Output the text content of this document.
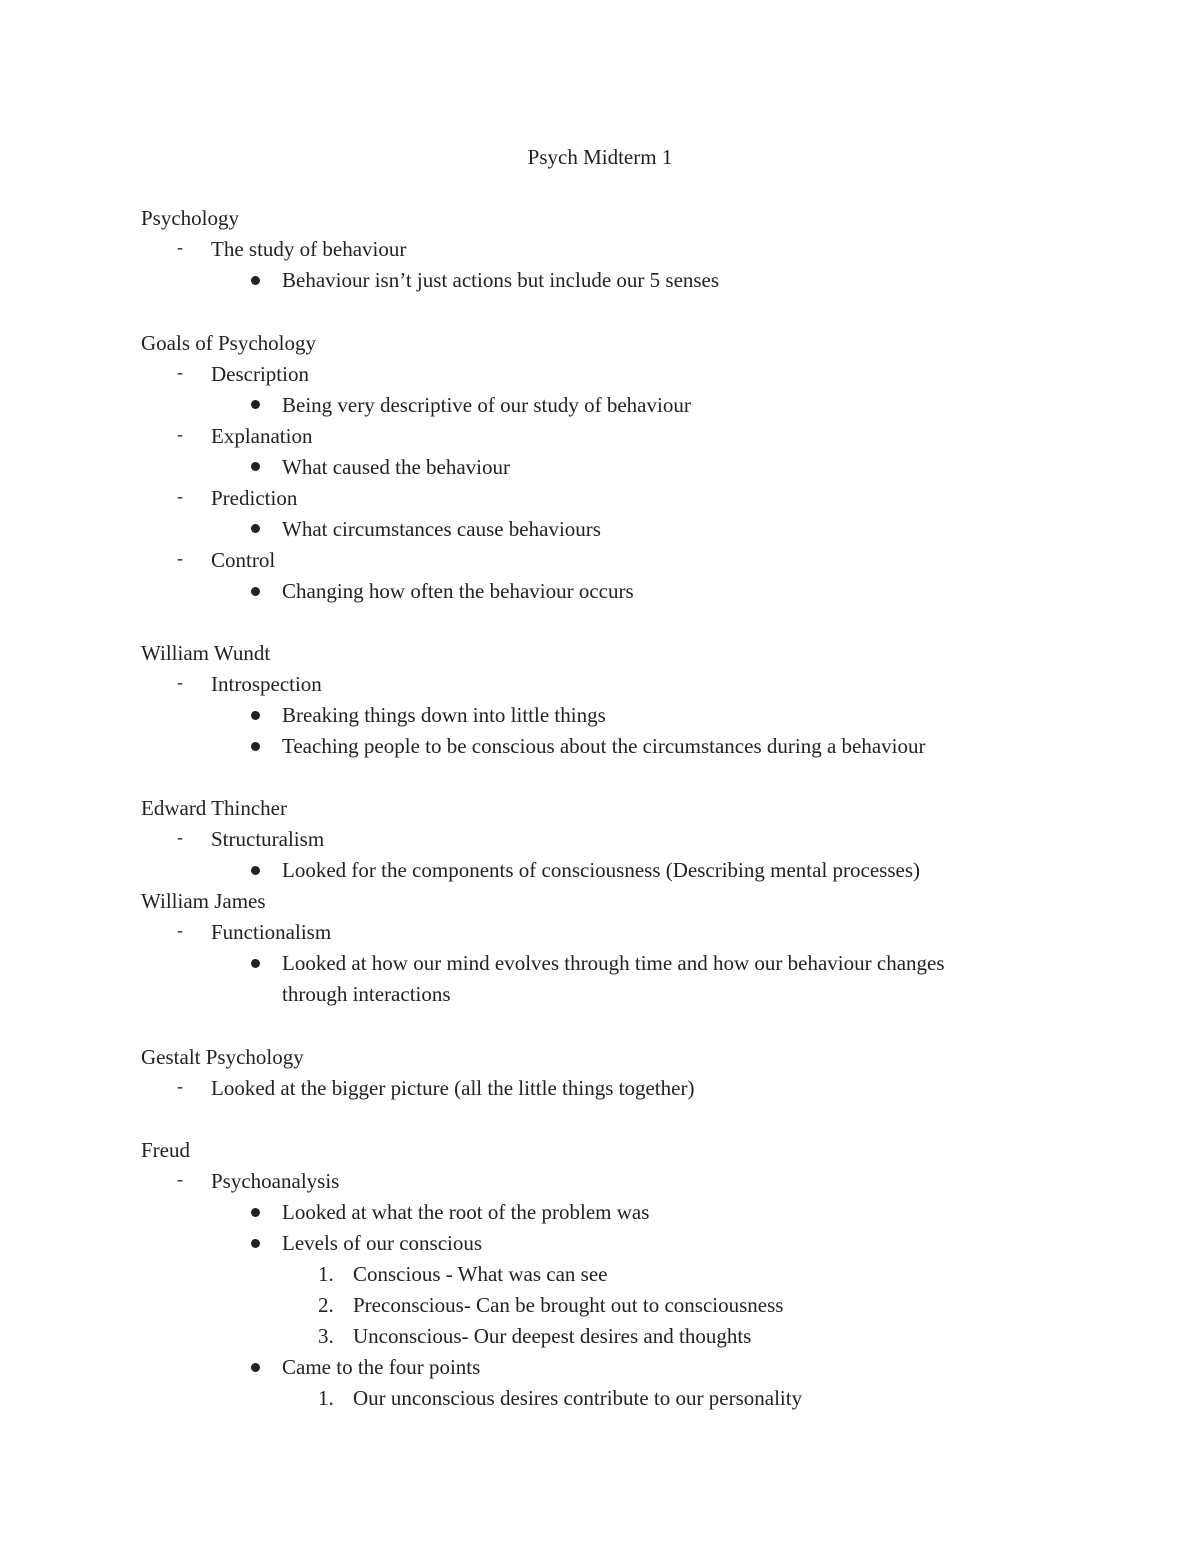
Psych Midterm 1
Psychology
- The study of behaviour
Behaviour isn’t just actions but include our 5 senses
Goals of Psychology
- Description
Being very descriptive of our study of behaviour
- Explanation
What caused the behaviour
- Prediction
What circumstances cause behaviours
- Control
Changing how often the behaviour occurs
William Wundt
- Introspection
Breaking things down into little things
Teaching people to be conscious about the circumstances during a behaviour
Edward Thincher
- Structuralism
Looked for the components of consciousness (Describing mental processes)
William James
- Functionalism
Looked at how our mind evolves through time and how our behaviour changes
through interactions
Gestalt Psychology
- Looked at the bigger picture (all the little things together)
Freud
- Psychoanalysis
Looked at what the root of the problem was
Levels of our conscious
1. Conscious - What was can see
2. Preconscious- Can be brought out to consciousness
3. Unconscious- Our deepest desires and thoughts
Came to the four points
1. Our unconscious desires contribute to our personality
